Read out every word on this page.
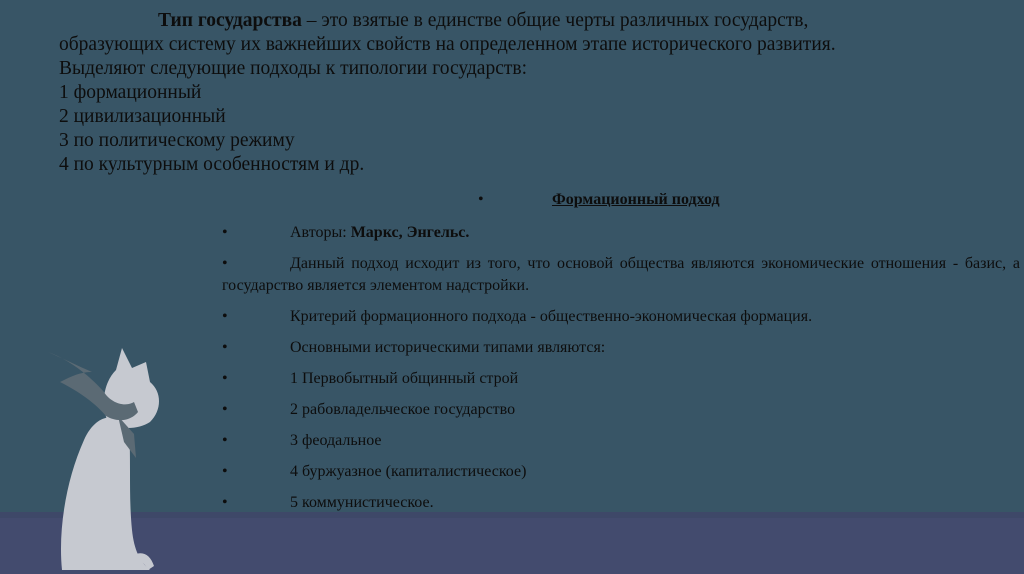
Тип государства – это взятые в единстве общие черты различных государств,
образующих систему их важнейших свойств на определенном этапе исторического развития.
Выделяют следующие подходы к типологии государств:
1 формационный
2 цивилизационный
3 по политическому режиму
4 по культурным особенностям и др.
•	Формационный подход
•	Авторы: Маркс, Энгельс.
•	Данный подход исходит из того, что основой общества являются экономические отношения - базис, а государство является элементом надстройки.
•	Критерий формационного подхода - общественно-экономическая формация.
•	Основными историческими типами являются:
•	1 Первобытный общинный строй
•	2 рабовладельческое государство
•	3 феодальное
•	4 буржуазное (капиталистическое)
•	5 коммунистическое.
